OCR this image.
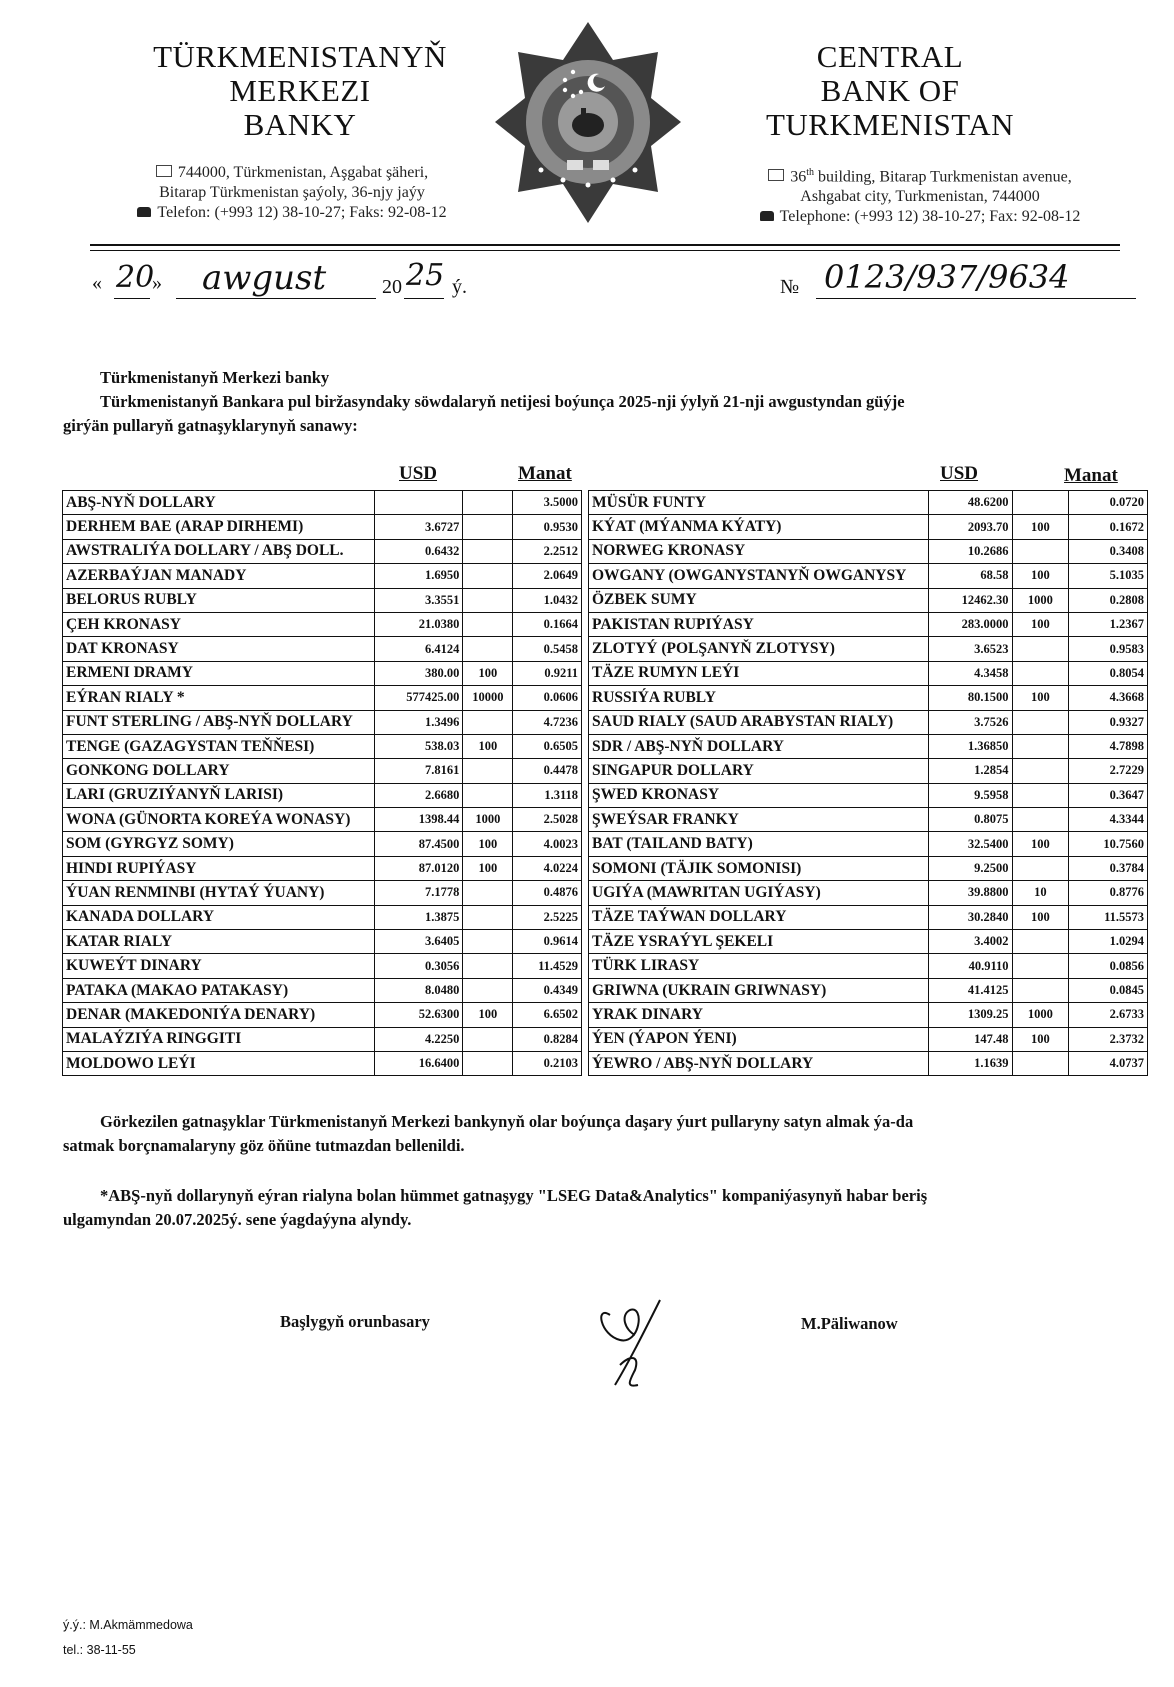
TÜRKMENISTANYŇ
MERKEZI
BANKY
744000, Türkmenistan, Aşgabat şäheri,
Bitarap Türkmenistan şaýoly, 36-njy jaýy
Telefon: (+993 12) 38-10-27; Faks: 92-08-12
CENTRAL
BANK OF
TURKMENISTAN
36th building, Bitarap Turkmenistan avenue,
Ashgabat city, Turkmenistan, 744000
Telephone: (+993 12) 38-10-27; Fax: 92-08-12
« 20
» awgust	20 25 ý.	№ 0123/937/9634
Türkmenistanyň Merkezi banky
Türkmenistanyň Bankara pul biržasyndaky söwdalaryň netijesi boýunça 2025-nji ýylyň 21-nji awgustyndan güýje
girýän pullaryň gatnaşyklarynyň sanawy:
USD	Manat	USD	Manat
ABŞ-NYŇ DOLLARY			3.5000
DERHEM BAE (ARAP DIRHEMI)	3.6727		0.9530
AWSTRALIÝA DOLLARY / ABŞ DOLL.	0.6432		2.2512
AZERBAÝJAN MANADY	1.6950		2.0649
BELORUS RUBLY	3.3551		1.0432
ÇEH KRONASY	21.0380		0.1664
DAT KRONASY	6.4124		0.5458
ERMENI DRAMY	380.00	100	0.9211
EÝRAN RIALY *	577425.00	10000	0.0606
FUNT STERLING / ABŞ-NYŇ DOLLARY	1.3496		4.7236
TENGE (GAZAGYSTAN TEŇŇESI)	538.03	100	0.6505
GONKONG DOLLARY	7.8161		0.4478
LARI (GRUZIÝANYŇ LARISI)	2.6680		1.3118
WONA (GÜNORTA KOREÝA WONASY)	1398.44	1000	2.5028
SOM (GYRGYZ SOMY)	87.4500	100	4.0023
HINDI RUPIÝASY	87.0120	100	4.0224
ÝUAN RENMINBI (HYTAÝ ÝUANY)	7.1778		0.4876
KANADA DOLLARY	1.3875		2.5225
KATAR RIALY	3.6405		0.9614
KUWEÝT DINARY	0.3056		11.4529
PATAKA (MAKAO PATAKASY)	8.0480		0.4349
DENAR (MAKEDONIÝA DENARY)	52.6300	100	6.6502
MALAÝZIÝA RINGGITI	4.2250		0.8284
MOLDOWO LEÝI	16.6400		0.2103
MÜSÜR FUNTY	48.6200		0.0720
KÝAT (MÝANMA KÝATY)	2093.70	100	0.1672
NORWEG KRONASY	10.2686		0.3408
OWGANY (OWGANYSTANYŇ OWGANYSY	68.58	100	5.1035
ÖZBEK SUMY	12462.30	1000	0.2808
PAKISTAN RUPIÝASY	283.0000	100	1.2367
ZLOTYÝ (POLŞANYŇ ZLOTYSY)	3.6523		0.9583
TÄZE RUMYN LEÝI	4.3458		0.8054
RUSSIÝA RUBLY	80.1500	100	4.3668
SAUD RIALY (SAUD ARABYSTAN RIALY)	3.7526		0.9327
SDR / ABŞ-NYŇ DOLLARY	1.36850		4.7898
SINGAPUR DOLLARY	1.2854		2.7229
ŞWED KRONASY	9.5958		0.3647
ŞWEÝSAR FRANKY	0.8075		4.3344
BAT (TAILAND BATY)	32.5400	100	10.7560
SOMONI (TÄJIK SOMONISI)	9.2500		0.3784
UGIÝA (MAWRITAN UGIÝASY)	39.8800	10	0.8776
TÄZE TAÝWAN DOLLARY	30.2840	100	11.5573
TÄZE YSRAÝYL ŞEKELI	3.4002		1.0294
TÜRK LIRASY	40.9110		0.0856
GRIWNA (UKRAIN GRIWNASY)	41.4125		0.0845
YRAK DINARY	1309.25	1000	2.6733
ÝEN (ÝAPON ÝENI)	147.48	100	2.3732
ÝEWRO / ABŞ-NYŇ DOLLARY	1.1639		4.0737
Görkezilen gatnaşyklar Türkmenistanyň Merkezi bankynyň olar boýunça daşary ýurt pullaryny satyn almak ýa-da
satmak borçnamalaryny göz öňüne tutmazdan bellenildi.
*ABŞ-nyň dollarynyň eýran rialyna bolan hümmet gatnaşygy "LSEG Data&Analytics" kompaniýasynyň habar beriş
ulgamyndan 20.07.2025ý. sene ýagdaýyna alyndy.
Başlygyň orunbasary	M.Päliwanow
ý.ý.: M.Akmämmedowa
tel.: 38-11-55
